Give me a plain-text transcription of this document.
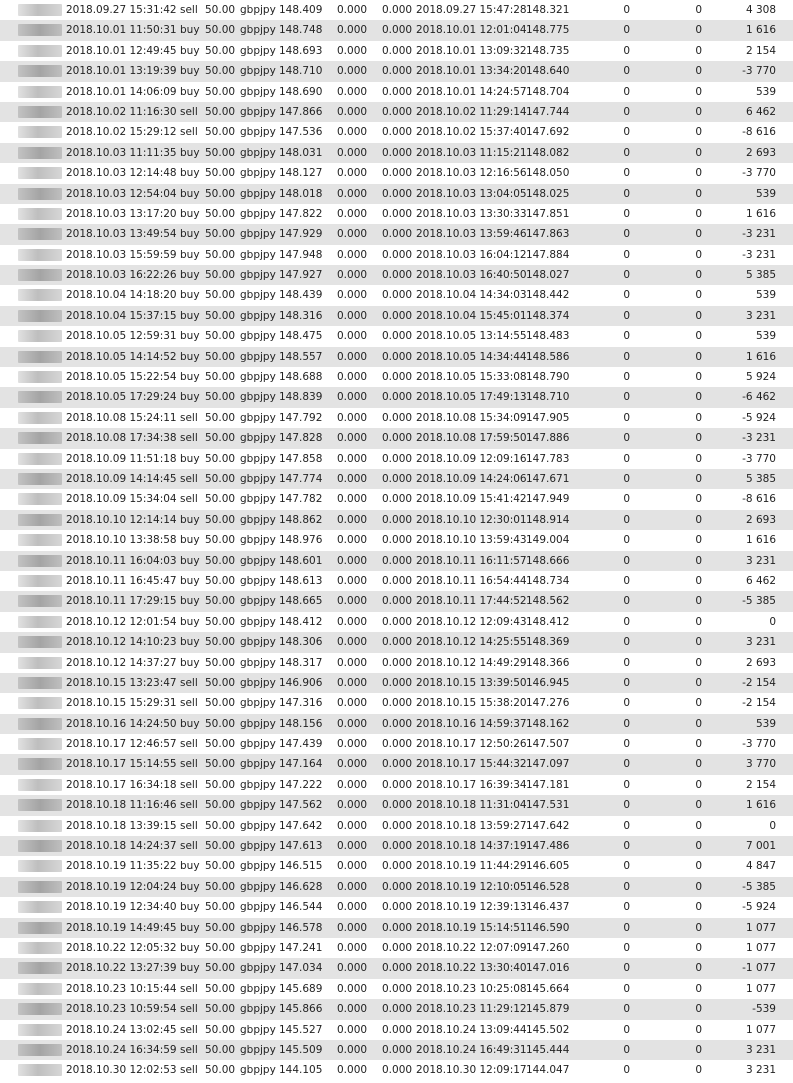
2018.09.27 15:31:42 sell 50.00 gbpjpy 148.409 0.000 0.000 2018.09.27 15:47:28 148.321	0	0	4 308
2018.10.01 11:50:31 buy 50.00 gbpjpy 148.748 0.000 0.000 2018.10.01 12:01:04 148.775	0	0	1 616
2018.10.01 12:49:45 buy 50.00 gbpjpy 148.693 0.000 0.000 2018.10.01 13:09:32 148.735	0	0	2 154
2018.10.01 13:19:39 buy 50.00 gbpjpy 148.710 0.000 0.000 2018.10.01 13:34:20 148.640	0	0	-3 770
2018.10.01 14:06:09 buy 50.00 gbpjpy 148.690 0.000 0.000 2018.10.01 14:24:57 148.704	0	0	539
2018.10.02 11:16:30 sell 50.00 gbpjpy 147.866 0.000 0.000 2018.10.02 11:29:14 147.744	0	0	6 462
2018.10.02 15:29:12 sell 50.00 gbpjpy 147.536 0.000 0.000 2018.10.02 15:37:40 147.692	0	0	-8 616
2018.10.03 11:11:35 buy 50.00 gbpjpy 148.031 0.000 0.000 2018.10.03 11:15:21 148.082	0	0	2 693
2018.10.03 12:14:48 buy 50.00 gbpjpy 148.127 0.000 0.000 2018.10.03 12:16:56 148.050	0	0	-3 770
2018.10.03 12:54:04 buy 50.00 gbpjpy 148.018 0.000 0.000 2018.10.03 13:04:05 148.025	0	0	539
2018.10.03 13:17:20 buy 50.00 gbpjpy 147.822 0.000 0.000 2018.10.03 13:30:33 147.851	0	0	1 616
2018.10.03 13:49:54 buy 50.00 gbpjpy 147.929 0.000 0.000 2018.10.03 13:59:46 147.863	0	0	-3 231
2018.10.03 15:59:59 buy 50.00 gbpjpy 147.948 0.000 0.000 2018.10.03 16:04:12 147.884	0	0	-3 231
2018.10.03 16:22:26 buy 50.00 gbpjpy 147.927 0.000 0.000 2018.10.03 16:40:50 148.027	0	0	5 385
2018.10.04 14:18:20 buy 50.00 gbpjpy 148.439 0.000 0.000 2018.10.04 14:34:03 148.442	0	0	539
2018.10.04 15:37:15 buy 50.00 gbpjpy 148.316 0.000 0.000 2018.10.04 15:45:01 148.374	0	0	3 231
2018.10.05 12:59:31 buy 50.00 gbpjpy 148.475 0.000 0.000 2018.10.05 13:14:55 148.483	0	0	539
2018.10.05 14:14:52 buy 50.00 gbpjpy 148.557 0.000 0.000 2018.10.05 14:34:44 148.586	0	0	1 616
2018.10.05 15:22:54 buy 50.00 gbpjpy 148.688 0.000 0.000 2018.10.05 15:33:08 148.790	0	0	5 924
2018.10.05 17:29:24 buy 50.00 gbpjpy 148.839 0.000 0.000 2018.10.05 17:49:13 148.710	0	0	-6 462
2018.10.08 15:24:11 sell 50.00 gbpjpy 147.792 0.000 0.000 2018.10.08 15:34:09 147.905	0	0	-5 924
2018.10.08 17:34:38 sell 50.00 gbpjpy 147.828 0.000 0.000 2018.10.08 17:59:50 147.886	0	0	-3 231
2018.10.09 11:51:18 buy 50.00 gbpjpy 147.858 0.000 0.000 2018.10.09 12:09:16 147.783	0	0	-3 770
2018.10.09 14:14:45 sell 50.00 gbpjpy 147.774 0.000 0.000 2018.10.09 14:24:06 147.671	0	0	5 385
2018.10.09 15:34:04 sell 50.00 gbpjpy 147.782 0.000 0.000 2018.10.09 15:41:42 147.949	0	0	-8 616
2018.10.10 12:14:14 buy 50.00 gbpjpy 148.862 0.000 0.000 2018.10.10 12:30:01 148.914	0	0	2 693
2018.10.10 13:38:58 buy 50.00 gbpjpy 148.976 0.000 0.000 2018.10.10 13:59:43 149.004	0	0	1 616
2018.10.11 16:04:03 buy 50.00 gbpjpy 148.601 0.000 0.000 2018.10.11 16:11:57 148.666	0	0	3 231
2018.10.11 16:45:47 buy 50.00 gbpjpy 148.613 0.000 0.000 2018.10.11 16:54:44 148.734	0	0	6 462
2018.10.11 17:29:15 buy 50.00 gbpjpy 148.665 0.000 0.000 2018.10.11 17:44:52 148.562	0	0	-5 385
2018.10.12 12:01:54 buy 50.00 gbpjpy 148.412 0.000 0.000 2018.10.12 12:09:43 148.412	0	0	0
2018.10.12 14:10:23 buy 50.00 gbpjpy 148.306 0.000 0.000 2018.10.12 14:25:55 148.369	0	0	3 231
2018.10.12 14:37:27 buy 50.00 gbpjpy 148.317 0.000 0.000 2018.10.12 14:49:29 148.366	0	0	2 693
2018.10.15 13:23:47 sell 50.00 gbpjpy 146.906 0.000 0.000 2018.10.15 13:39:50 146.945	0	0	-2 154
2018.10.15 15:29:31 sell 50.00 gbpjpy 147.316 0.000 0.000 2018.10.15 15:38:20 147.276	0	0	-2 154
2018.10.16 14:24:50 buy 50.00 gbpjpy 148.156 0.000 0.000 2018.10.16 14:59:37 148.162	0	0	539
2018.10.17 12:46:57 sell 50.00 gbpjpy 147.439 0.000 0.000 2018.10.17 12:50:26 147.507	0	0	-3 770
2018.10.17 15:14:55 sell 50.00 gbpjpy 147.164 0.000 0.000 2018.10.17 15:44:32 147.097	0	0	3 770
2018.10.17 16:34:18 sell 50.00 gbpjpy 147.222 0.000 0.000 2018.10.17 16:39:34 147.181	0	0	2 154
2018.10.18 11:16:46 sell 50.00 gbpjpy 147.562 0.000 0.000 2018.10.18 11:31:04 147.531	0	0	1 616
2018.10.18 13:39:15 sell 50.00 gbpjpy 147.642 0.000 0.000 2018.10.18 13:59:27 147.642	0	0	0
2018.10.18 14:24:37 sell 50.00 gbpjpy 147.613 0.000 0.000 2018.10.18 14:37:19 147.486	0	0	7 001
2018.10.19 11:35:22 buy 50.00 gbpjpy 146.515 0.000 0.000 2018.10.19 11:44:29 146.605	0	0	4 847
2018.10.19 12:04:24 buy 50.00 gbpjpy 146.628 0.000 0.000 2018.10.19 12:10:05 146.528	0	0	-5 385
2018.10.19 12:34:40 buy 50.00 gbpjpy 146.544 0.000 0.000 2018.10.19 12:39:13 146.437	0	0	-5 924
2018.10.19 14:49:45 buy 50.00 gbpjpy 146.578 0.000 0.000 2018.10.19 15:14:51 146.590	0	0	1 077
2018.10.22 12:05:32 buy 50.00 gbpjpy 147.241 0.000 0.000 2018.10.22 12:07:09 147.260	0	0	1 077
2018.10.22 13:27:39 buy 50.00 gbpjpy 147.034 0.000 0.000 2018.10.22 13:30:40 147.016	0	0	-1 077
2018.10.23 10:15:44 sell 50.00 gbpjpy 145.689 0.000 0.000 2018.10.23 10:25:08 145.664	0	0	1 077
2018.10.23 10:59:54 sell 50.00 gbpjpy 145.866 0.000 0.000 2018.10.23 11:29:12 145.879	0	0	-539
2018.10.24 13:02:45 sell 50.00 gbpjpy 145.527 0.000 0.000 2018.10.24 13:09:44 145.502	0	0	1 077
2018.10.24 16:34:59 sell 50.00 gbpjpy 145.509 0.000 0.000 2018.10.24 16:49:31 145.444	0	0	3 231
2018.10.30 12:02:53 sell 50.00 gbpjpy 144.105 0.000 0.000 2018.10.30 12:09:17 144.047	0	0	3 231
